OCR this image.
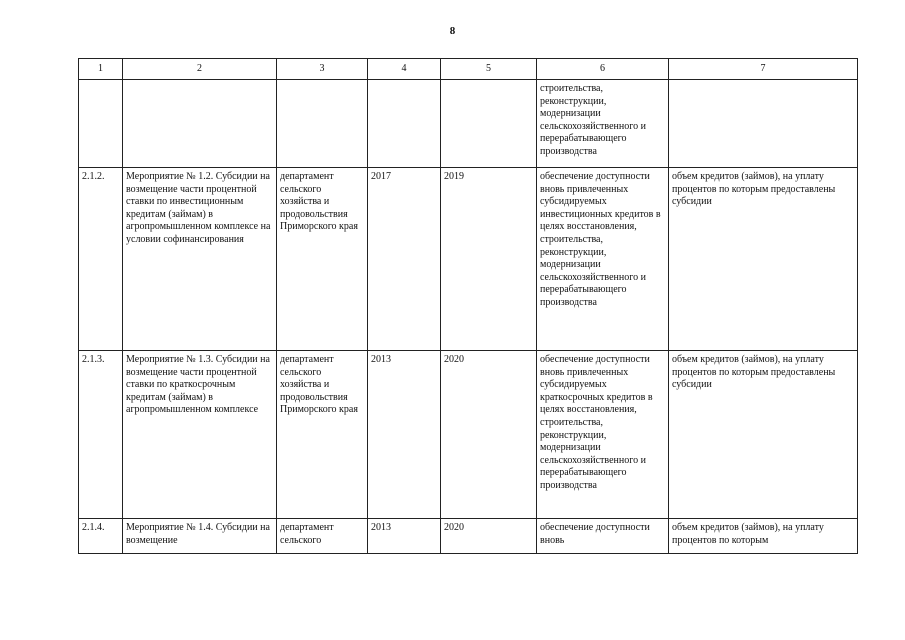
8
1	2	3	4	5	6	7
					строительства, реконструкции, модернизации сельскохозяйственного и перерабатывающего производства	
2.1.2.	Мероприятие № 1.2. Субсидии на возмещение части процентной ставки по инвестиционным кредитам (займам) в агропромышленном комплексе на условии софинансирования	департамент сельского хозяйства и продовольствия Приморского края	2017	2019	обеспечение доступности вновь привлеченных субсидируемых инвестиционных кредитов в целях восстановления, строительства, реконструкции, модернизации сельскохозяйственного и перерабатывающего производства	объем кредитов (займов), на уплату процентов по которым предоставлены субсидии
2.1.3.	Мероприятие № 1.3. Субсидии на возмещение части процентной ставки по краткосрочным кредитам (займам) в агропромышленном комплексе	департамент сельского хозяйства и продовольствия Приморского края	2013	2020	обеспечение доступности вновь привлеченных субсидируемых краткосрочных кредитов в целях восстановления, строительства, реконструкции, модернизации сельскохозяйственного и перерабатывающего производства	объем кредитов (займов), на уплату процентов по которым предоставлены субсидии

2.1.4.	Мероприятие № 1.4. Субсидии на возмещение	департамент сельского	2013	2020	обеспечение доступности вновь	объем кредитов (займов), на уплату процентов по которым
